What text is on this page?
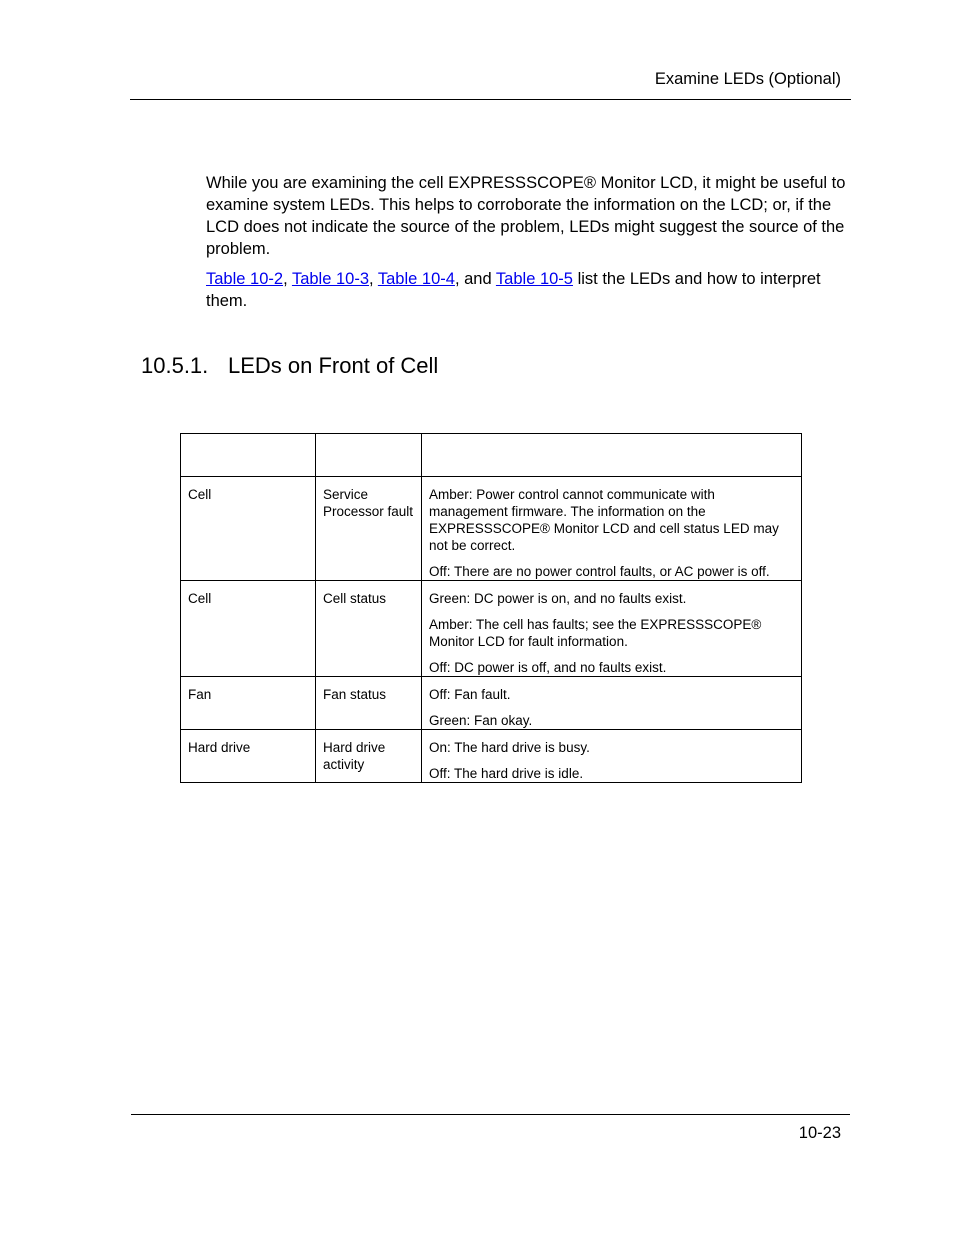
Examine LEDs (Optional)

While you are examining the cell EXPRESSSCOPE® Monitor LCD, it might be useful to examine system LEDs. This helps to corroborate the information on the LCD; or, if the LCD does not indicate the source of the problem, LEDs might suggest the source of the problem.

Table 10-2, Table 10-3, Table 10-4, and Table 10-5 list the LEDs and how to interpret them.

10.5.1. LEDs on Front of Cell

Cell	Service Processor fault	Amber: Power control cannot communicate with management firmware. The information on the EXPRESSSCOPE® Monitor LCD and cell status LED may not be correct.
Off: There are no power control faults, or AC power is off.

Cell	Cell status	Green: DC power is on, and no faults exist.
Amber: The cell has faults; see the EXPRESSSCOPE® Monitor LCD for fault information.
Off: DC power is off, and no faults exist.

Fan	Fan status	Off: Fan fault.
Green: Fan okay.

Hard drive	Hard drive activity	On: The hard drive is busy.
Off: The hard drive is idle.
10-23
